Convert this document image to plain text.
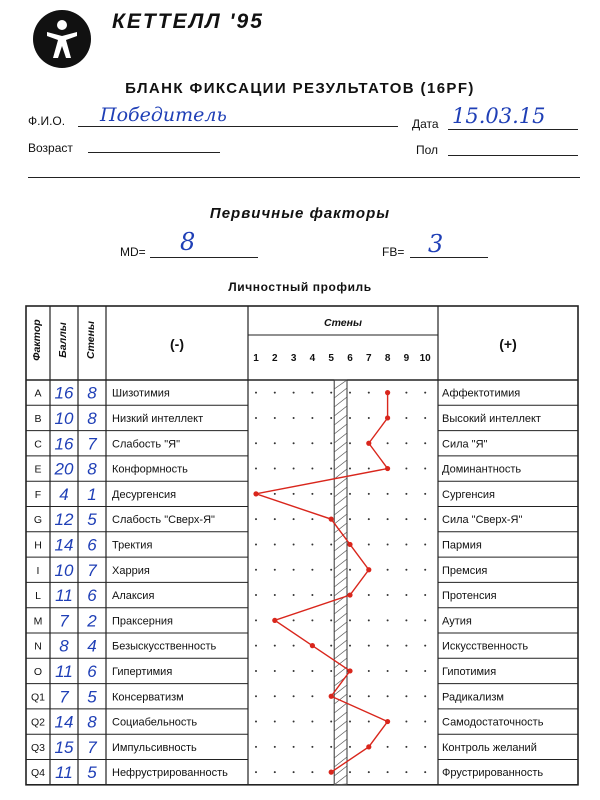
КЕТТЕЛЛ '95
БЛАНК ФИКСАЦИИ РЕЗУЛЬТАТОВ (16PF)
Ф.И.О. Победитель	Дата 15.03.15
Возраст	Пол
Первичные факторы
MD= 8	FB= 3
Личностный профиль
Фактор Баллы Стены	(-)	(+)
Стены
1 2 3 4 5 6 7 8 9 10
A 16 8 Шизотимия	Аффектотимия
B 10 8 Низкий интеллект	Высокий интеллект
C 16 7 Слабость "Я"	Сила "Я"
E 20 8 Конформность	Доминантность
F 4 1 Десургенсия	Сургенсия
G 12 5 Слабость "Сверх-Я"	Сила "Сверх-Я"
H 14 6 Тректия	Пармия
I 10 7 Харрия	Премсия
L 11 6 Алаксия	Протенсия
M 7 2 Праксерния	Аутия
N 8 4 Безыскусственность	Искусственность
O 11 6 Гипертимия	Гипотимия
Q1 7 5 Консерватизм	Радикализм
Q2 14 8 Социабельность	Самодостаточность
Q3 15 7 Импульсивность	Контроль желаний
Q4 11 5 Нефрустрированность	Фрустрированность
